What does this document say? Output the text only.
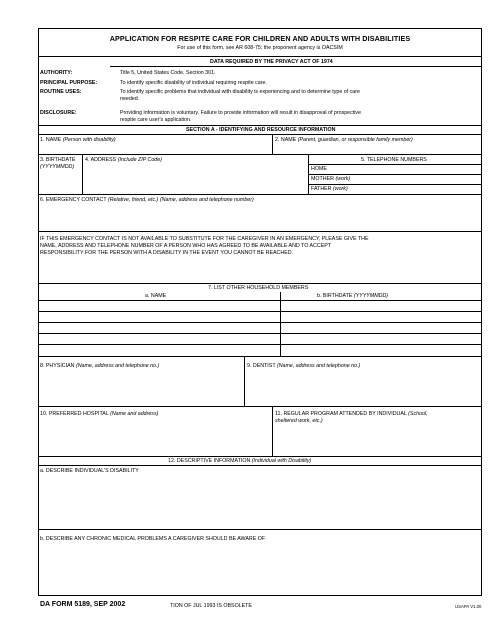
APPLICATION FOR RESPITE CARE FOR CHILDREN AND ADULTS WITH DISABILITIES
For use of this form, see AR 608-75; the proponent agency is OACSIM
DATA REQUIRED BY THE PRIVACY ACT OF 1974
AUTHORITY:	Title 5, United States Code, Section 301.
PRINCIPAL PURPOSE:	To identify specific disability of individual requiring respite care.
ROUTINE USES:	To identify specific problems that individual with disability is experiencing and to determine type of care
needed.
DISCLOSURE:	Providing information is voluntary. Failure to provide information will result in disapproval of prospective
respite care user's application.
SECTION A - IDENTIFYING AND RESOURCE INFORMATION
1. NAME (Person with disability)	2. NAME (Parent, guardian, or responsible family member)
3. BIRTHDATE
(YYYYMMDD)
4. ADDRESS (Include ZIP Code)	5. TELEPHONE NUMBERS
HOME
MOTHER (work)
FATHER (work)
6. EMERGENCY CONTACT (Relative, friend, etc.) (Name, address and telephone number)
IF THIS EMERGENCY CONTACT IS NOT AVAILABLE TO SUBSTITUTE FOR THE CAREGIVER IN AN EMERGENCY, PLEASE GIVE THE
NAME, ADDRESS AND TELEPHONE NUMBER OF A PERSON WHO HAS AGREED TO BE AVAILABLE AND TO ACCEPT
RESPONSIBILITY FOR THE PERSON WITH A DISABILITY IN THE EVENT YOU CANNOT BE REACHED.
7. LIST OTHER HOUSEHOLD MEMBERS
a. NAME	b. BIRTHDATE (YYYYMMDD)
8. PHYSICIAN (Name, address and telephone no.)	9. DENTIST (Name, address and telephone no.)
10. PREFERRED HOSPITAL (Name and address)	11. REGULAR PROGRAM ATTENDED BY INDIVIDUAL (School,
sheltered work, etc.)
12. DESCRIPTIVE INFORMATION (Individual with Disability)
a. DESCRIBE INDIVIDUAL'S DISABILITY
b. DESCRIBE ANY CHRONIC MEDICAL PROBLEMS A CAREGIVER SHOULD BE AWARE OF
DA FORM 5189, SEP 2002	TION OF JUL 1993 IS OBSOLETE	USAPA V1.00
